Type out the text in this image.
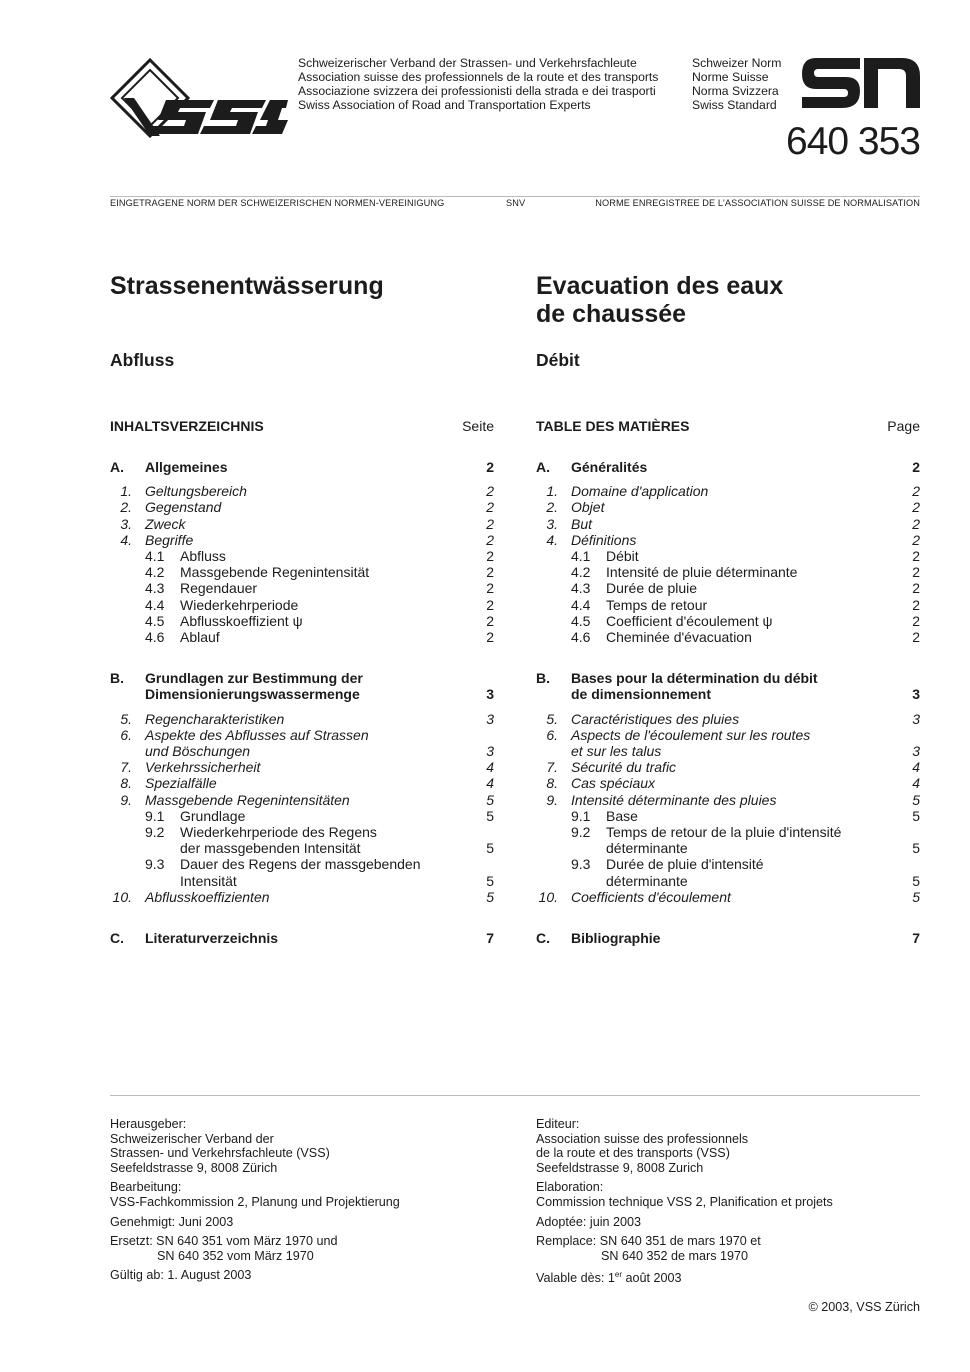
Schweizerischer Verband der Strassen- und Verkehrsfachleute
Association suisse des professionnels de la route et des transports
Associazione svizzera dei professionisti della strada e dei trasporti
Swiss Association of Road and Transportation Experts
Schweizer Norm
Norme Suisse
Norma Svizzera
Swiss Standard
640 353
EINGETRAGENE NORM DER SCHWEIZERISCHEN NORMEN-VEREINIGUNG	SNV	NORME ENREGISTREE DE L'ASSOCIATION SUISSE DE NORMALISATION
Strassenentwässerung	Evacuation des eaux
de chaussée
Abfluss	Débit
INHALTSVERZEICHNIS	Seite
A.	Allgemeines	2
1. Geltungsbereich	2
2. Gegenstand	2
3. Zweck	2
4. Begriffe	2
4.1	Abfluss	2
4.2	Massgebende Regenintensität	2
4.3	Regendauer	2
4.4	Wiederkehrperiode	2
4.5	Abflusskoeffizient ψ	2
4.6	Ablauf	2
B.	Grundlagen zur Bestimmung der
Dimensionierungswassermenge	3
5. Regencharakteristiken	3
6. Aspekte des Abflusses auf Strassen
und Böschungen	3
7. Verkehrssicherheit	4
8. Spezialfälle	4
9. Massgebende Regenintensitäten	5
9.1	Grundlage	5
9.2	Wiederkehrperiode des Regens
der massgebenden Intensität	5
9.3	Dauer des Regens der massgebenden
Intensität	5
10. Abflusskoeffizienten	5
C.	Literaturverzeichnis	7
TABLE DES MATIÈRES	Page
A.	Généralités	2
1. Domaine d'application	2
2. Objet	2
3. But	2
4. Définitions	2
4.1	Débit	2
4.2	Intensité de pluie déterminante	2
4.3	Durée de pluie	2
4.4	Temps de retour	2
4.5	Coefficient d'écoulement ψ	2
4.6	Cheminée d'évacuation	2
B.	Bases pour la détermination du débit
de dimensionnement	3
5. Caractéristiques des pluies	3
6. Aspects de l'écoulement sur les routes
et sur les talus	3
7. Sécurité du trafic	4
8. Cas spéciaux	4
9. Intensité déterminante des pluies	5
9.1	Base	5
9.2	Temps de retour de la pluie d'intensité
déterminante	5
9.3	Durée de pluie d'intensité
déterminante	5
10. Coefficients d'écoulement	5
C.	Bibliographie	7
Herausgeber:
Schweizerischer Verband der
Strassen- und Verkehrsfachleute (VSS)
Seefeldstrasse 9, 8008 Zürich
Bearbeitung:
VSS-Fachkommission 2, Planung und Projektierung
Genehmigt: Juni 2003
Ersetzt: SN 640 351 vom März 1970 und
SN 640 352 vom März 1970
Gültig ab: 1. August 2003
Editeur:
Association suisse des professionnels
de la route et des transports (VSS)
Seefeldstrasse 9, 8008 Zurich
Elaboration:
Commission technique VSS 2, Planification et projets
Adoptée: juin 2003
Remplace: SN 640 351 de mars 1970 et
SN 640 352 de mars 1970
Valable dès: 1er août 2003
© 2003, VSS Zürich
